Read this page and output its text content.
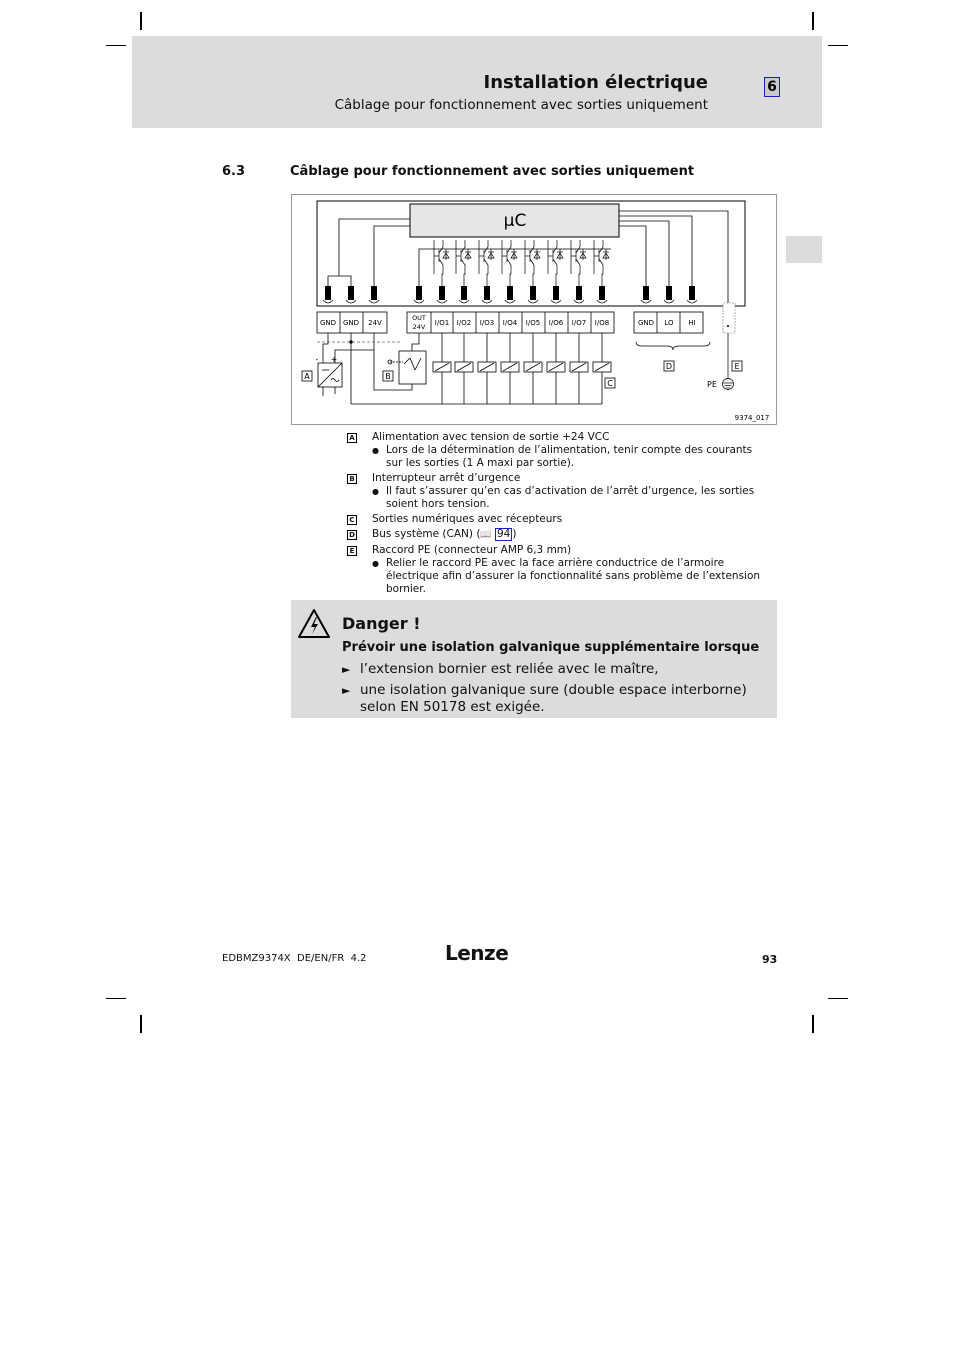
Installation électrique
Câblage pour fonctionnement avec sorties uniquement
6
6.3	Câblage pour fonctionnement avec sorties uniquement
µC
GND GND 24V
OUT
24V I/O1 I/O2 I/O3 I/O4 I/O5 I/O6 I/O7 I/O8	GND LO HI
A	B
C
D	E
PE
- +
9374_017
A Alimentation avec tension de sortie +24 VCC
● Lors de la détermination de l’alimentation, tenir compte des courants sur les sorties (1 A maxi par sortie).
B Interrupteur arrêt d’urgence
● Il faut s’assurer qu’en cas d’activation de l’arrêt d’urgence, les sorties soient hors tension.
C Sorties numériques avec récepteurs
D Bus système (CAN) (📖 94 )
E Raccord PE (connecteur AMP 6,3 mm)
● Relier le raccord PE avec la face arrière conductrice de l’armoire électrique afin d’assurer la fonctionnalité sans problème de l’extension bornier.
Danger !
Prévoir une isolation galvanique supplémentaire lorsque
► l’extension bornier est reliée avec le maître,
► une isolation galvanique sure (double espace interborne) selon EN 50178 est exigée.
EDBMZ9374X  DE/EN/FR  4.2	Lenze	93
